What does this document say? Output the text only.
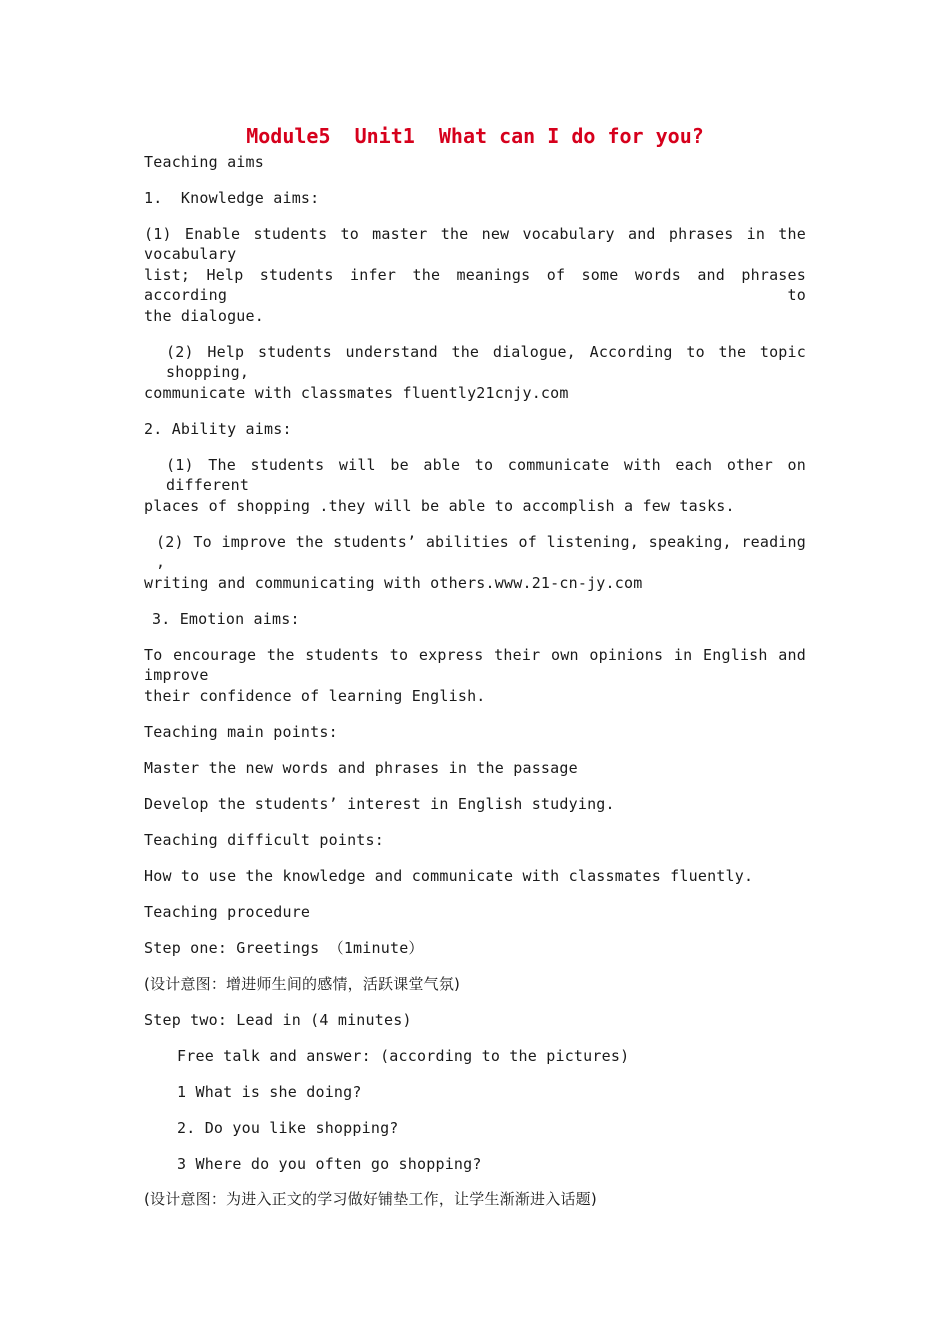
Module5  Unit1  What can I do for you?
Teaching aims
1.  Knowledge aims:
(1) Enable students to master the new vocabulary and phrases in the vocabulary
list; Help students infer the meanings of some words and phrases according to
the dialogue.
(2) Help students understand the dialogue, According to the topic shopping,
communicate with classmates fluently21cnjy.com
2. Ability aims:
(1) The students will be able to communicate with each other on different
places of shopping .they will be able to accomplish a few tasks.
(2) To improve the students’ abilities of listening, speaking, reading ,
writing and communicating with others.www.21-cn-jy.com
3. Emotion aims:
To encourage the students to express their own opinions in English and improve
their confidence of learning English.
Teaching main points:
Master the new words and phrases in the passage
Develop the students’ interest in English studying.
Teaching difficult points:
How to use the knowledge and communicate with classmates fluently.
Teaching procedure
Step one: Greetings （1minute）
(设计意图：增进师生间的感情，活跃课堂气氛)
Step two: Lead in (4 minutes)
Free talk and answer: (according to the pictures)
1 What is she doing?
2. Do you like shopping?
3 Where do you often go shopping?
(设计意图：为进入正文的学习做好铺垫工作，让学生渐渐进入话题)
